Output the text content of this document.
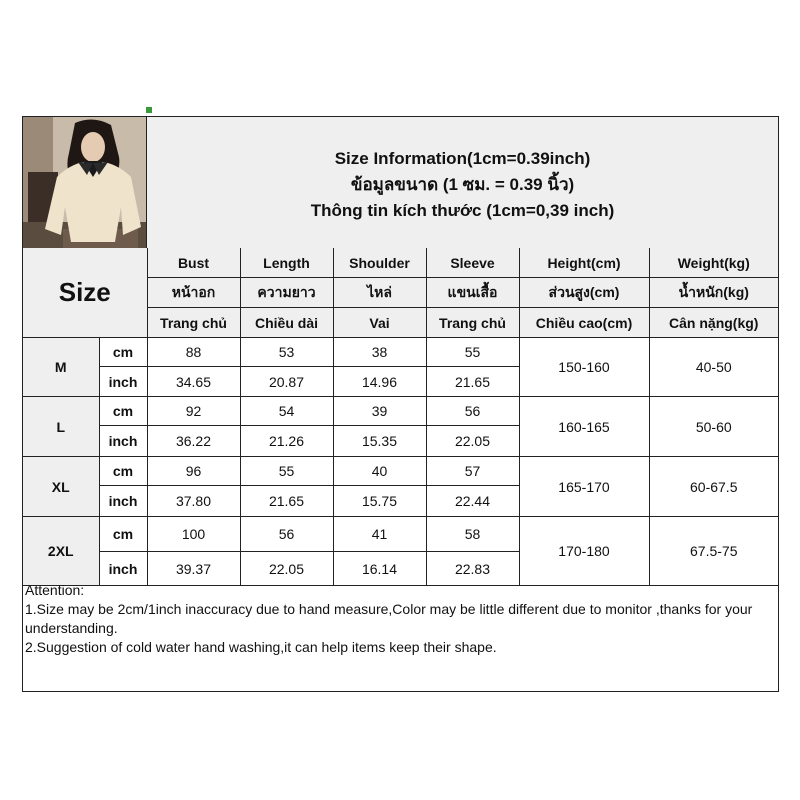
Size Information(1cm=0.39inch)
ข้อมูลขนาด (1 ซม. = 0.39 นิ้ว)
Thông tin kích thước (1cm=0,39 inch)
Size		Bust	Length	Shoulder	Sleeve	Height(cm)	Weight(kg)
		หน้าอก	ความยาว	ไหล่	แขนเสื้อ	ส่วนสูง(cm)	น้ำหนัก(kg)
		Trang chủ	Chiều dài	Vai	Trang chủ	Chiều cao(cm)	Cân nặng(kg)
M	cm	88	53	38	55	150-160	40-50
	inch	34.65	20.87	14.96	21.65		
L	cm	92	54	39	56	160-165	50-60
	inch	36.22	21.26	15.35	22.05		
XL	cm	96	55	40	57	165-170	60-67.5
	inch	37.80	21.65	15.75	22.44		
2XL	cm	100	56	41	58	170-180	67.5-75
	inch	39.37	22.05	16.14	22.83		
Attention:
1.Size may be 2cm/1inch inaccuracy due to hand measure,Color may be little different due to monitor ,thanks for your understanding.
2.Suggestion of cold water hand washing,it can help items keep their shape.
